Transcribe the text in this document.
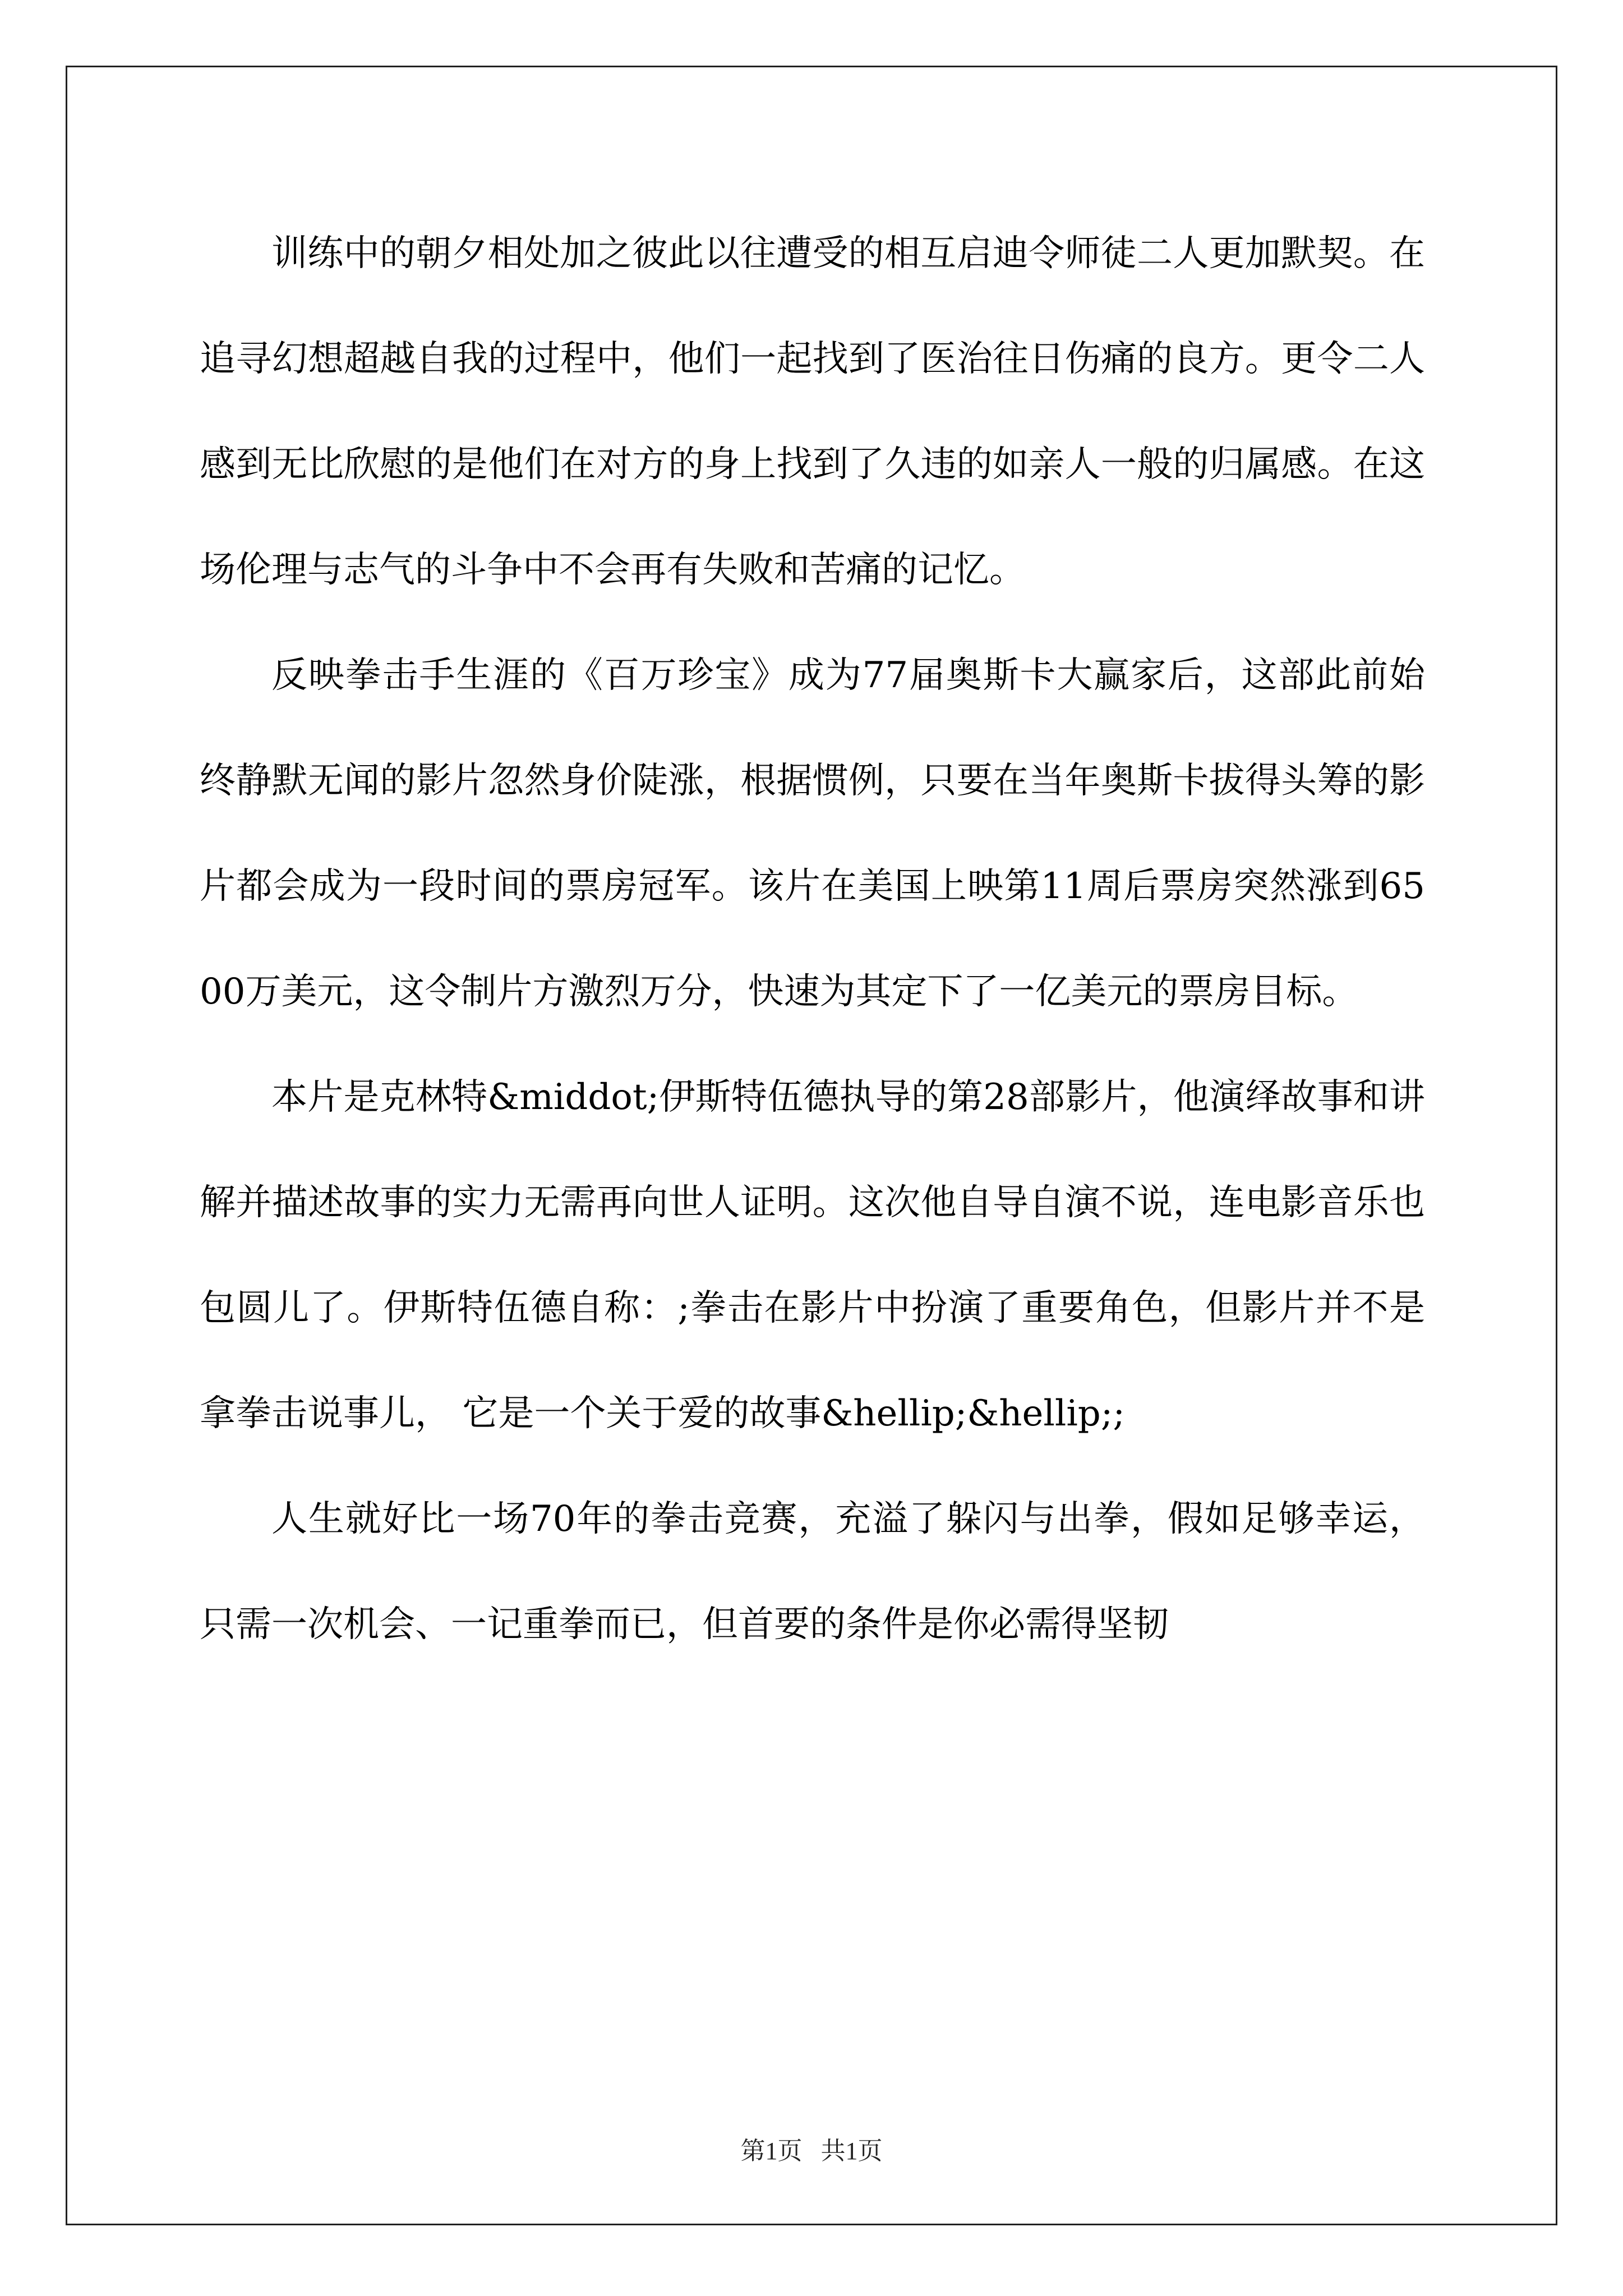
训练中的朝夕相处加之彼此以往遭受的相互启迪令师徒二人更加默契。在追寻幻想超越自我的过程中，他们一起找到了医治往日伤痛的良方。更令二人感到无比欣慰的是他们在对方的身上找到了久违的如亲人一般的归属感。在这场伦理与志气的斗争中不会再有失败和苦痛的记忆。

反映拳击手生涯的《百万珍宝》成为77届奥斯卡大赢家后，这部此前始终静默无闻的影片忽然身价陡涨，根据惯例，只要在当年奥斯卡拔得头筹的影片都会成为一段时间的票房冠军。该片在美国上映第11周后票房突然涨到6500万美元，这令制片方激烈万分，快速为其定下了一亿美元的票房目标。

本片是克林特&middot;伊斯特伍德执导的第28部影片，他演绎故事和讲解并描述故事的实力无需再向世人证明。这次他自导自演不说，连电影音乐也包圆儿了。伊斯特伍德自称：;拳击在影片中扮演了重要角色，但影片并不是拿拳击说事儿， 它是一个关于爱的故事&hellip;&hellip;;

人生就好比一场70年的拳击竞赛，充溢了躲闪与出拳，假如足够幸运，只需一次机会、一记重拳而已，但首要的条件是你必需得坚韧

第1页   共1页
